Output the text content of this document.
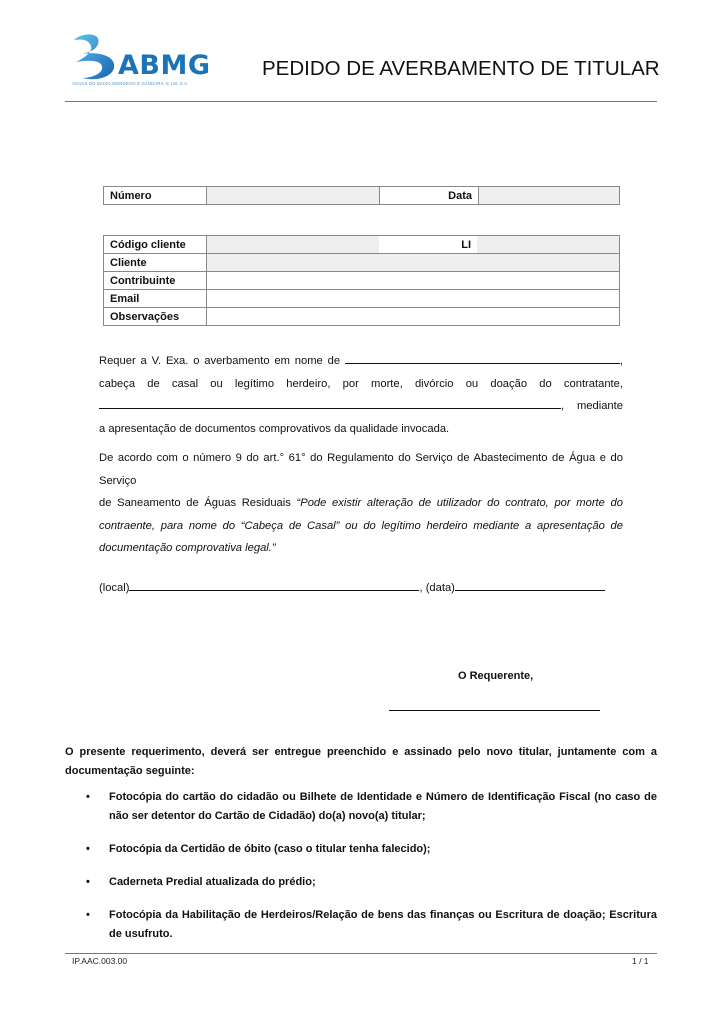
ABMG
ÁGUAS DO BAIXO MONDEGO E GÂNDARA, E.I.M, S.A.
PEDIDO DE AVERBAMENTO DE TITULAR
Número		Data	
Código cliente		LI	
Cliente			
Contribuinte			
Email			
Observações			
Requer a V. Exa. o averbamento em nome de	,
cabeça de casal ou legítimo herdeiro, por morte, divórcio ou doação do contratante,
, mediante
a apresentação de documentos comprovativos da qualidade invocada.
De acordo com o número 9 do art.° 61° do Regulamento do Serviço de Abastecimento de Água e do Serviço
de Saneamento de Águas Residuais “Pode existir alteração de utilizador do contrato, por morte do
contraente, para nome do “Cabeça de Casal” ou do legítimo herdeiro mediante a apresentação de
documentação comprovativa legal.”
(local)	, (data)
O Requerente,
O presente requerimento, deverá ser entregue preenchido e assinado pelo novo titular, juntamente com a
documentação seguinte:
• Fotocópia do cartão do cidadão ou Bilhete de Identidade e Número de Identificação Fiscal (no caso de não ser detentor do Cartão de Cidadão) do(a) novo(a) titular;
• Fotocópia da Certidão de óbito (caso o titular tenha falecido);
• Caderneta Predial atualizada do prédio;
• Fotocópia da Habilitação de Herdeiros/Relação de bens das finanças ou Escritura de doação; Escritura de usufruto.
IP.AAC.003.00	1 / 1
